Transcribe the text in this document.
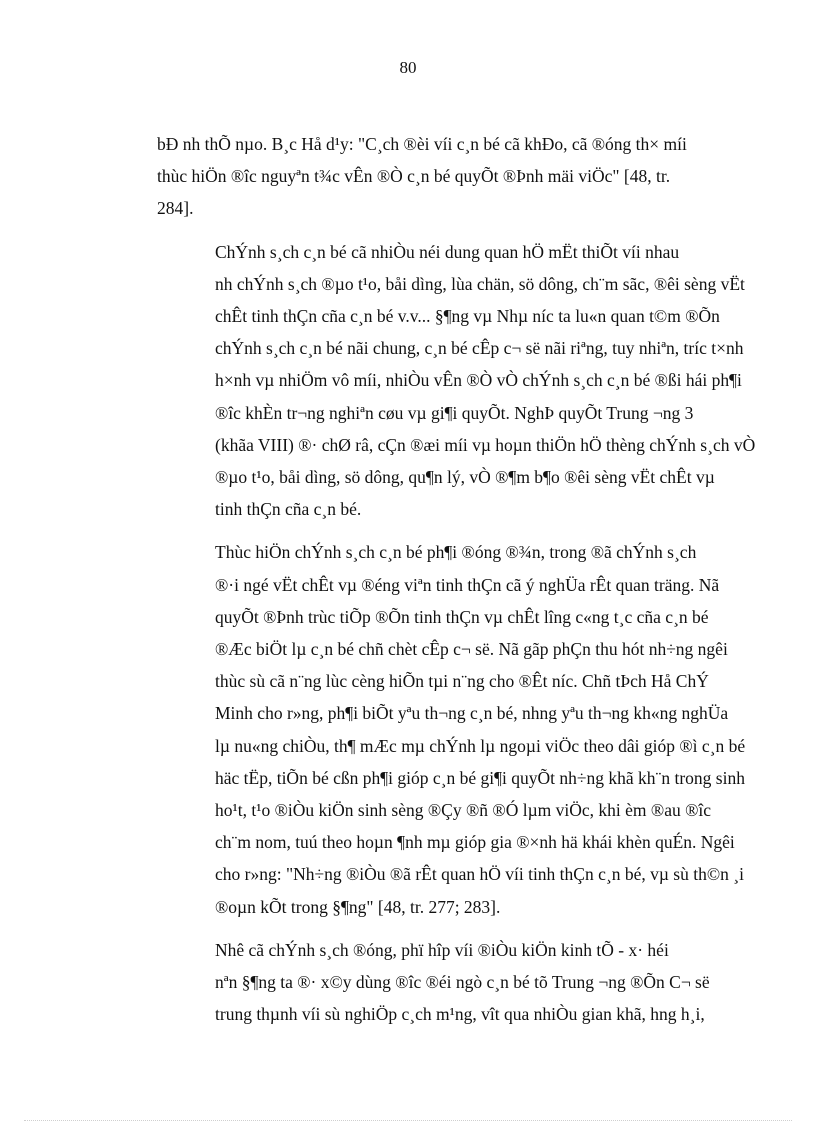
80

bÐ nh thÕ nµo. B¸c Hå d¹y: "C¸ch ®èi víi c¸n bé cã khÐo, cã ®óng th× míi
thùc hiÖn ®îc nguyªn t¾c vÊn ®Ò c¸n bé quyÕt ®Þnh mäi viÖc" [48, tr.
284].

ChÝnh s¸ch c¸n bé cã nhiÒu néi dung quan hÖ mËt thiÕt víi nhau
nh chÝnh s¸ch ®µo t¹o, båi dìng, lùa chän, sö dông, ch¨m sãc, ®êi sèng vËt
chÊt tinh thÇn cña c¸n bé v.v... §¶ng vµ Nhµ níc ta lu«n quan t©m ®Õn
chÝnh s¸ch c¸n bé nãi chung, c¸n bé cÊp c¬ së nãi riªng, tuy nhiªn, tríc t×nh
h×nh vµ nhiÖm vô míi, nhiÒu vÊn ®Ò vÒ chÝnh s¸ch c¸n bé ®ßi hái ph¶i
®îc khÈn tr¬ng nghiªn cøu vµ gi¶i quyÕt. NghÞ quyÕt Trung ¬ng 3
(khãa VIII) ®· chØ râ, cÇn ®æi míi vµ hoµn thiÖn hÖ thèng chÝnh s¸ch vÒ
®µo t¹o, båi dìng, sö dông, qu¶n lý, vÒ ®¶m b¶o ®êi sèng vËt chÊt vµ
tinh thÇn cña c¸n bé.

Thùc hiÖn chÝnh s¸ch c¸n bé ph¶i ®óng ®¾n, trong ®ã chÝnh s¸ch
®·i ngé vËt chÊt vµ ®éng viªn tinh thÇn cã ý nghÜa rÊt quan träng. Nã
quyÕt ®Þnh trùc tiÕp ®Õn tinh thÇn vµ chÊt lîng c«ng t¸c cña c¸n bé
®Æc biÖt lµ c¸n bé chñ chèt cÊp c¬ së. Nã gãp phÇn thu hót nh÷ng ngêi
thùc sù cã n¨ng lùc cèng hiÕn tµi n¨ng cho ®Êt níc. Chñ tÞch Hå ChÝ
Minh cho r»ng, ph¶i biÕt yªu th¬ng c¸n bé, nhng yªu th¬ng kh«ng nghÜa
lµ nu«ng chiÒu, th¶ mÆc mµ chÝnh lµ ngoµi viÖc theo dâi gióp ®ì c¸n bé
häc tËp, tiÕn bé cßn ph¶i gióp c¸n bé gi¶i quyÕt nh÷ng khã kh¨n trong sinh
ho¹t, t¹o ®iÒu kiÖn sinh sèng ®Çy ®ñ ®Ó lµm viÖc, khi èm ®au ®îc
ch¨m nom, tuú theo hoµn ¶nh mµ gióp gia ®×nh hä khái khèn quÉn. Ngêi
cho r»ng: "Nh÷ng ®iÒu ®ã rÊt quan hÖ víi tinh thÇn c¸n bé, vµ sù th©n ¸i
®oµn kÕt trong §¶ng" [48, tr. 277; 283].

Nhê cã chÝnh s¸ch ®óng, phï hîp víi ®iÒu kiÖn kinh tÕ - x· héi
nªn §¶ng ta ®· x©y dùng ®îc ®éi ngò c¸n bé tõ Trung ¬ng ®Õn C¬ së
trung thµnh víi sù nghiÖp c¸ch m¹ng, vît qua nhiÒu gian khã, hng h¸i,
